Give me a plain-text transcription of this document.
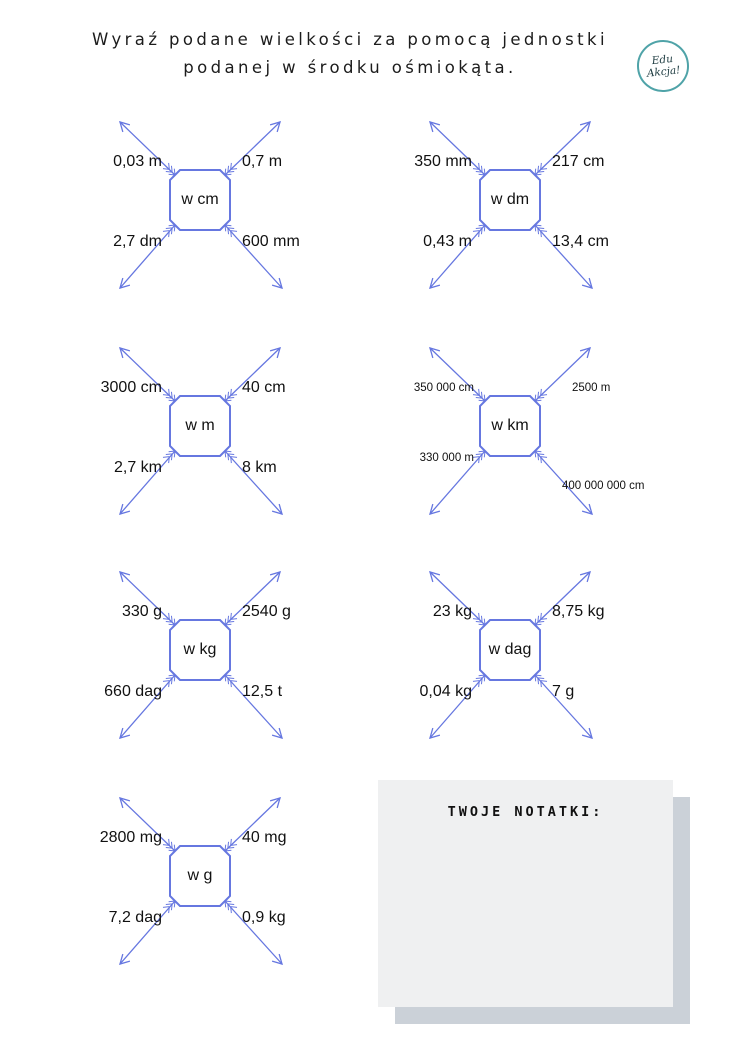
Wyraź podane wielkości za pomocą jednostki
podanej w środku ośmiokąta.	Edu
Akcja!
w cm
0,03 m	0,7 m
2,7 dm	600 mm
w dm
350 mm	217 cm
0,43 m	13,4 cm
w m
3000 cm	40 cm
2,7 km	8 km
w km
350 000 cm	2500 m
330 000 m
400 000 000 cm
w kg
330 g	2540 g
660 dag	12,5 t
w dag
23 kg	8,75 kg
0,04 kg	7 g
w g
2800 mg	40 mg
7,2 dag	0,9 kg
TWOJE NOTATKI:
